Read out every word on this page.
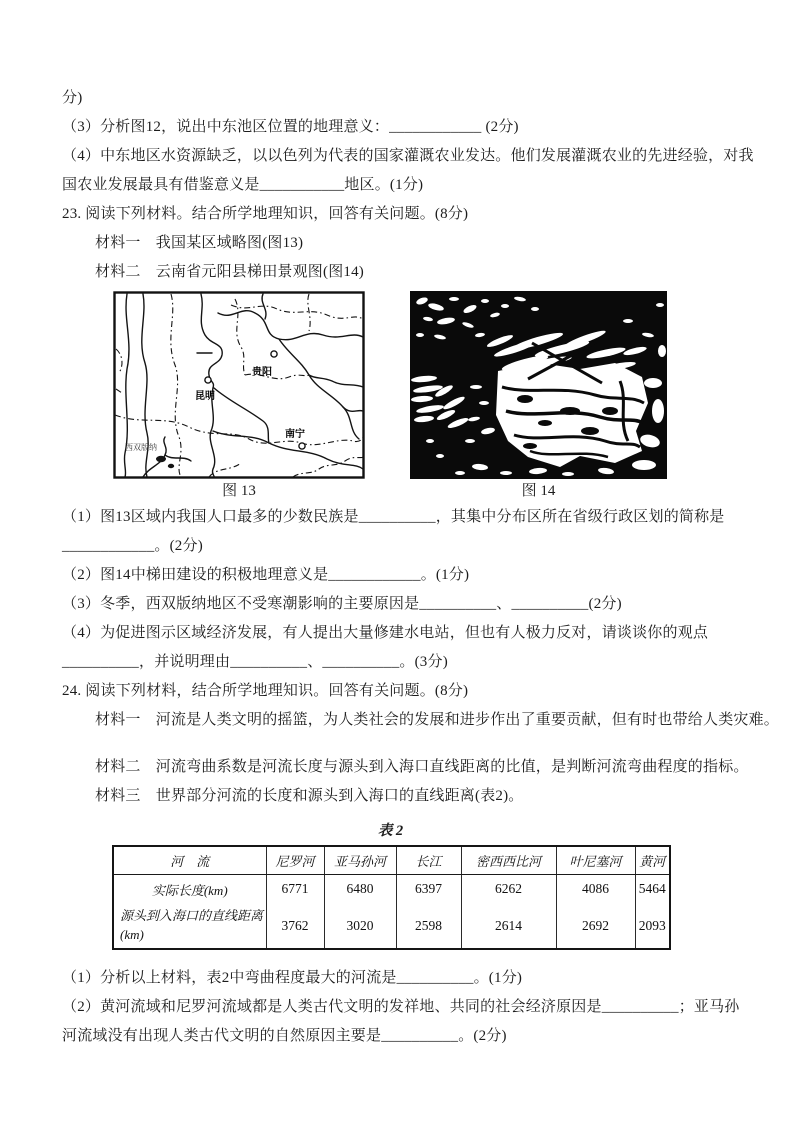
分)

（3）分析图12，说出中东池区位置的地理意义：____________ (2分)

（4）中东地区水资源缺乏，以以色列为代表的国家灌溉农业发达。他们发展灌溉农业的先进经验，对我

国农业发展最具有借鉴意义是___________地区。(1分)

23. 阅读下列材料。结合所学地理知识，回答有关问题。(8分)

材料一　我国某区域略图(图13)

材料二　云南省元阳县梯田景观图(图14)

贵阳
昆明
南宁
西双版纳
图 13	图 14

（1）图13区域内我国人口最多的少数民族是__________，其集中分布区所在省级行政区划的简称是

____________。(2分)

（2）图14中梯田建设的积极地理意义是____________。(1分)

（3）冬季，西双版纳地区不受寒潮影响的主要原因是__________、__________(2分)

（4）为促进图示区域经济发展，有人提出大量修建水电站，但也有人极力反对，请谈谈你的观点

__________，并说明理由__________、__________。(3分)

24. 阅读下列材料，结合所学地理知识。回答有关问题。(8分)

材料一　河流是人类文明的摇篮，为人类社会的发展和进步作出了重要贡献，但有时也带给人类灾难。

材料二　河流弯曲系数是河流长度与源头到入海口直线距离的比值，是判断河流弯曲程度的指标。

材料三　世界部分河流的长度和源头到入海口的直线距离(表2)。

表 2
河　流	尼罗河	亚马孙河	长江	密西西比河	叶尼塞河	黄河
实际长度(km)	6771	6480	6397	6262	4086	5464
源头到入海口的直线距离(km)	3762	3020	2598	2614	2692	2093

（1）分析以上材料，表2中弯曲程度最大的河流是__________。(1分)

（2）黄河流域和尼罗河流域都是人类古代文明的发祥地、共同的社会经济原因是__________；亚马孙

河流域没有出现人类古代文明的自然原因主要是__________。(2分)
